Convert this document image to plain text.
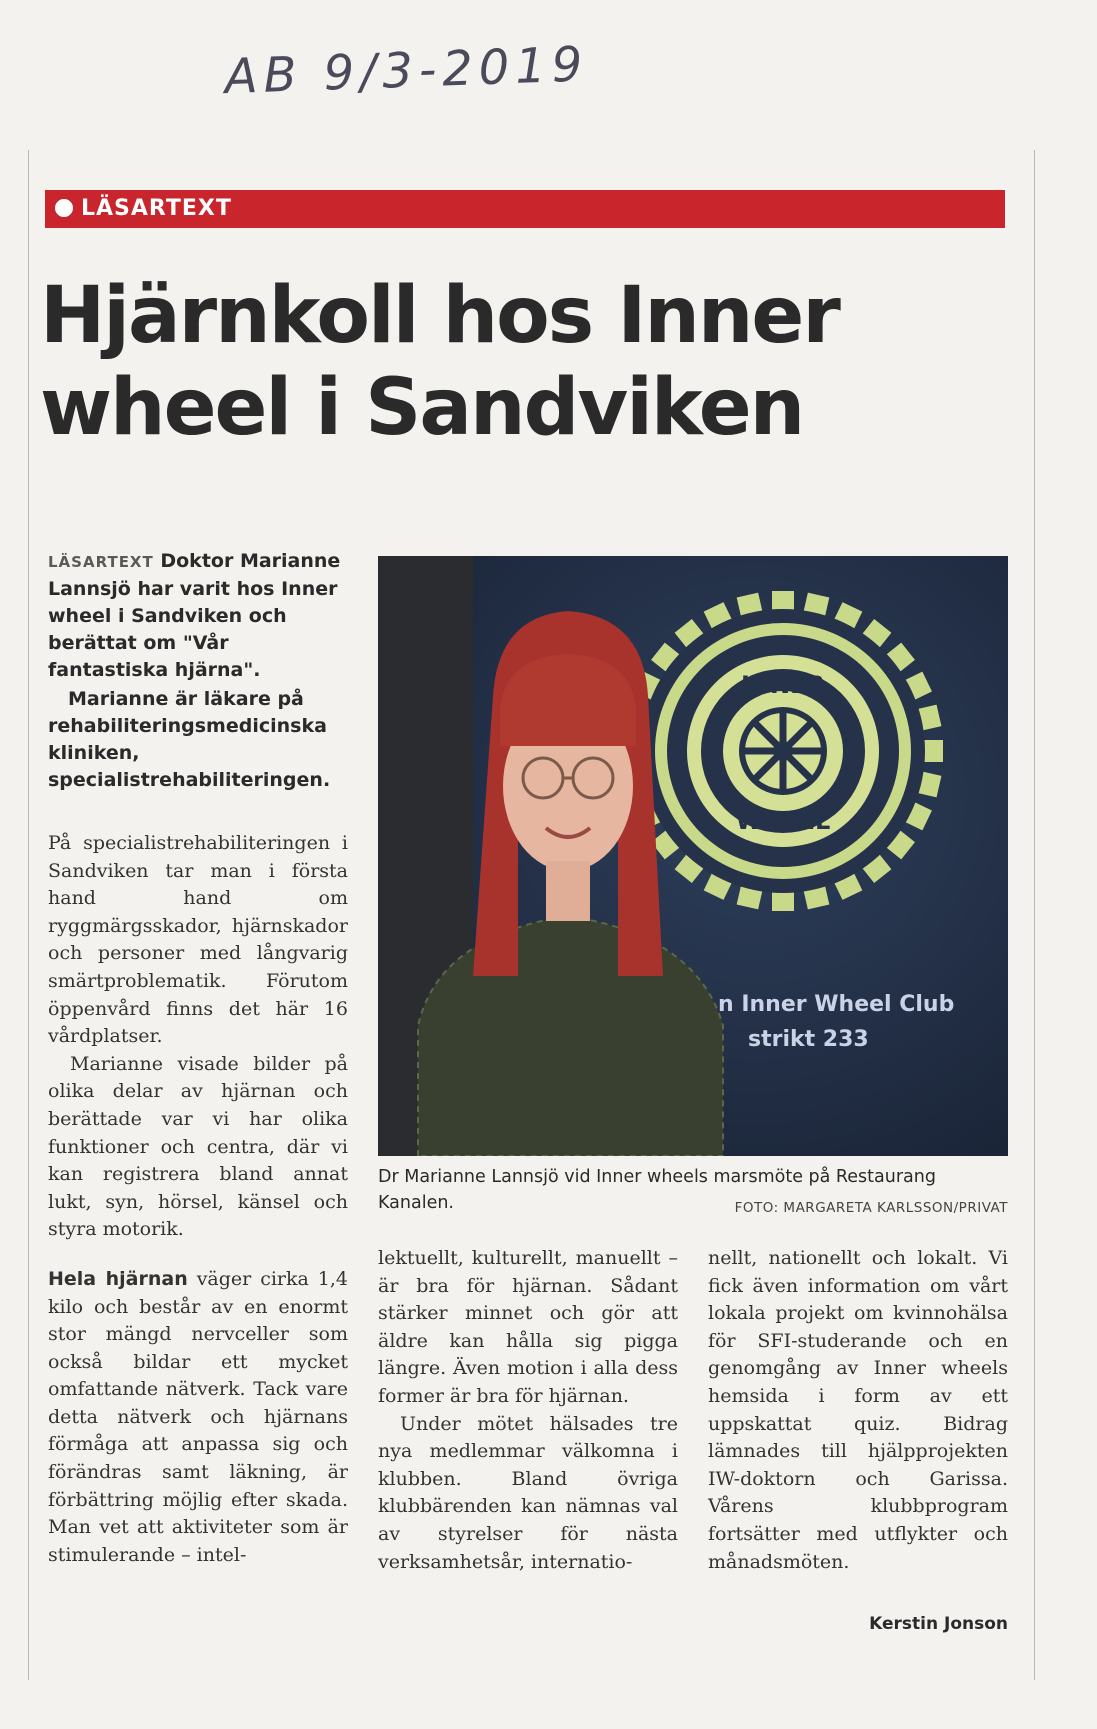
AB 9/3-2019
LÄSARTEXT
Hjärnkoll hos Inner
wheel i Sandviken

LÄSARTEXT Doktor Marianne Lannsjö har varit hos Inner wheel i Sandviken och berättat om "Vår fantastiska hjärna".

Marianne är läkare på rehabiliteringsmedicinska kliniken, specialistrehabiliteringen.

På specialistrehabiliteringen i Sandviken tar man i första hand hand om ryggmärgsskador, hjärnskador och personer med långvarig smärtproblematik. Förutom öppenvård finns det här 16 vårdplatser.

Marianne visade bilder på olika delar av hjärnan och berättade var vi har olika funktioner och centra, där vi kan registrera bland annat lukt, syn, hörsel, känsel och styra motorik.

Hela hjärnan väger cirka 1,4 kilo och består av en enormt stor mängd nervceller som också bildar ett mycket omfattande nätverk. Tack vare detta nätverk och hjärnans förmåga att anpassa sig och förändras samt läkning, är förbättring möjlig efter skada. Man vet att aktiviteter som är stimulerande – intel-

lektuellt, kulturellt, manuellt – är bra för hjärnan. Sådant stärker minnet och gör att äldre kan hålla sig pigga längre. Även motion i alla dess former är bra för hjärnan.

Under mötet hälsades tre nya medlemmar välkomna i klubben. Bland övriga klubbärenden kan nämnas val av styrelser för nästa verksamhetsår, internatio-

nellt, nationellt och lokalt. Vi fick även information om vårt lokala projekt om kvinnohälsa för SFI-studerande och en genomgång av Inner wheels hemsida i form av ett uppskattat quiz. Bidrag lämnades till hjälpprojekten IW-doktorn och Garissa. Vårens klubbprogram fortsätter med utflykter och månadsmöten.

INNER
WHEEL
n Inner Wheel Club
strikt 233
Dr Marianne Lannsjö vid Inner wheels marsmöte på Restaurang Kanalen.	FOTO: MARGARETA KARLSSON/PRIVAT
Kerstin Jonson
